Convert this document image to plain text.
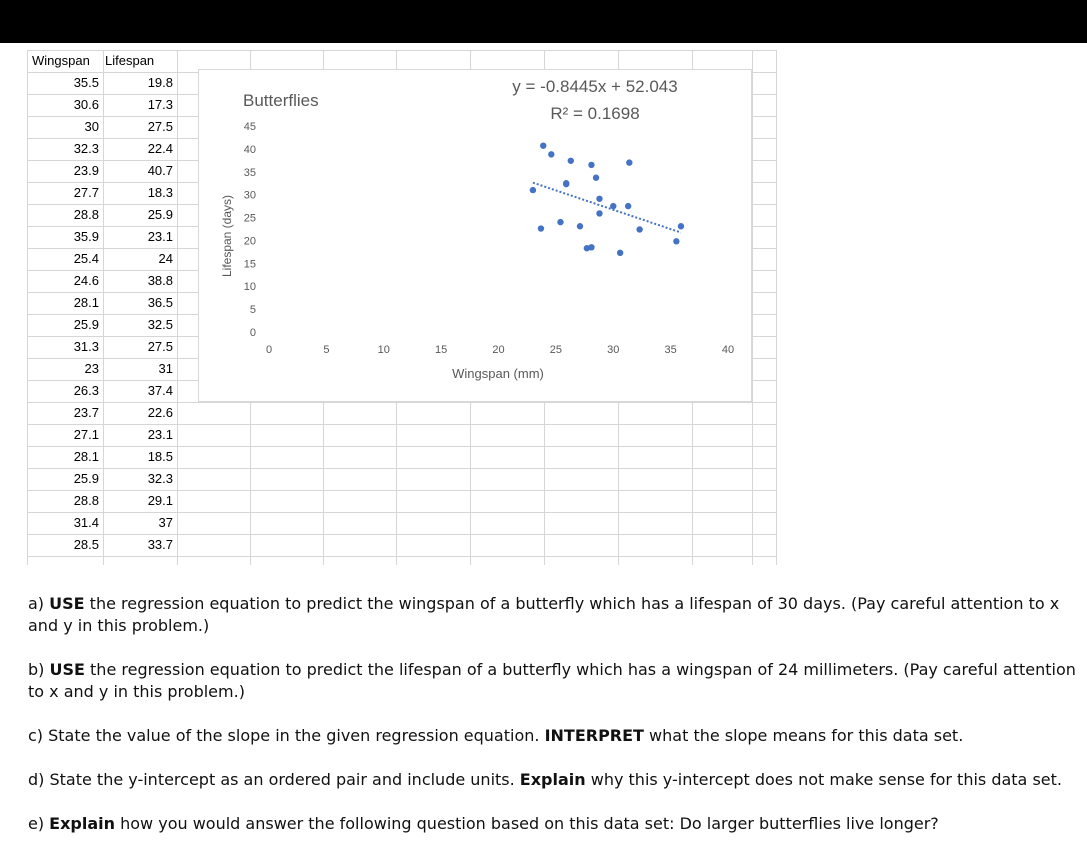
Wingspan Lifespan
35.5	19.8
30.6	17.3
30	27.5
32.3	22.4
23.9	40.7
27.7	18.3
28.8	25.9
35.9	23.1
25.4	24
24.6	38.8
28.1	36.5
25.9	32.5
31.3	27.5
23	31
26.3	37.4
23.7	22.6
27.1	23.1
28.1	18.5
25.9	32.3
28.8	29.1
31.4	37
28.5	33.7
Butterflies
y = -0.8445x + 52.043
R² = 0.1698
Wingspan (mm)
Lifespan (days)
0	5	10	15	20	25	30	35	40
0
5
10
15
20
25
30
35
40
45
a) USE the regression equation to predict the wingspan of a butterfly which has a lifespan of 30 days. (Pay careful attention to x and y in this problem.)
b) USE the regression equation to predict the lifespan of a butterfly which has a wingspan of 24 millimeters. (Pay careful attention to x and y in this problem.)
c) State the value of the slope in the given regression equation. INTERPRET what the slope means for this data set.
d) State the y-intercept as an ordered pair and include units. Explain why this y-intercept does not make sense for this data set.
e) Explain how you would answer the following question based on this data set: Do larger butterflies live longer?
